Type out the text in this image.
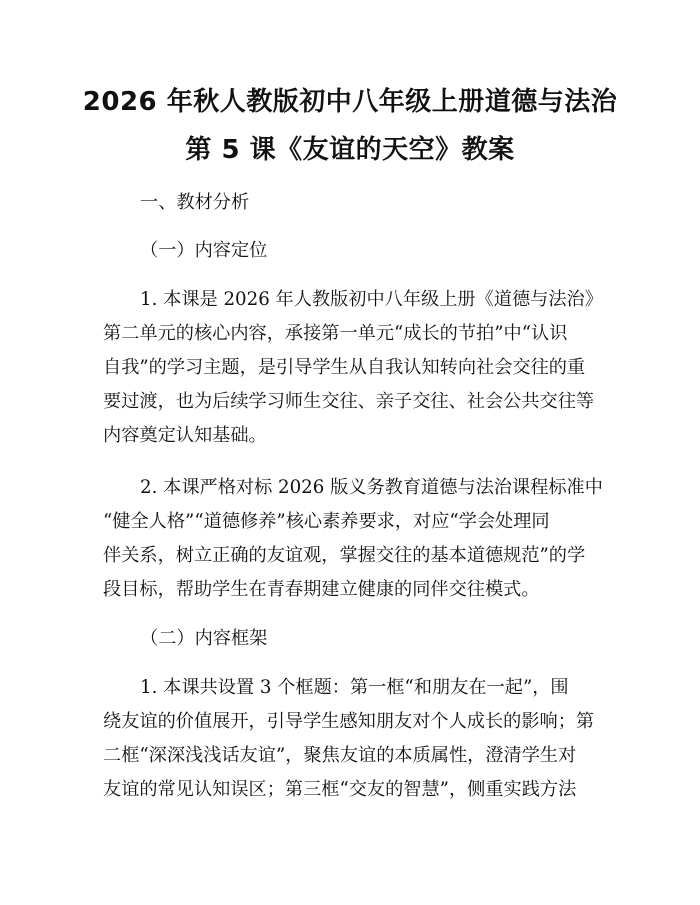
2026 年秋人教版初中八年级上册道德与法治
第 5 课《友谊的天空》教案
一、教材分析
（一）内容定位
1. 本课是 2026 年人教版初中八年级上册《道德与法治》
第二单元的核心内容，承接第一单元“成长的节拍”中“认识
自我”的学习主题，是引导学生从自我认知转向社会交往的重
要过渡，也为后续学习师生交往、亲子交往、社会公共交往等
内容奠定认知基础。
2. 本课严格对标 2026 版义务教育道德与法治课程标准中
“健全人格”“道德修养”核心素养要求，对应“学会处理同
伴关系，树立正确的友谊观，掌握交往的基本道德规范”的学
段目标，帮助学生在青春期建立健康的同伴交往模式。
（二）内容框架
1. 本课共设置 3 个框题：第一框“和朋友在一起”，围
绕友谊的价值展开，引导学生感知朋友对个人成长的影响；第
二框“深深浅浅话友谊”，聚焦友谊的本质属性，澄清学生对
友谊的常见认知误区；第三框“交友的智慧”，侧重实践方法
